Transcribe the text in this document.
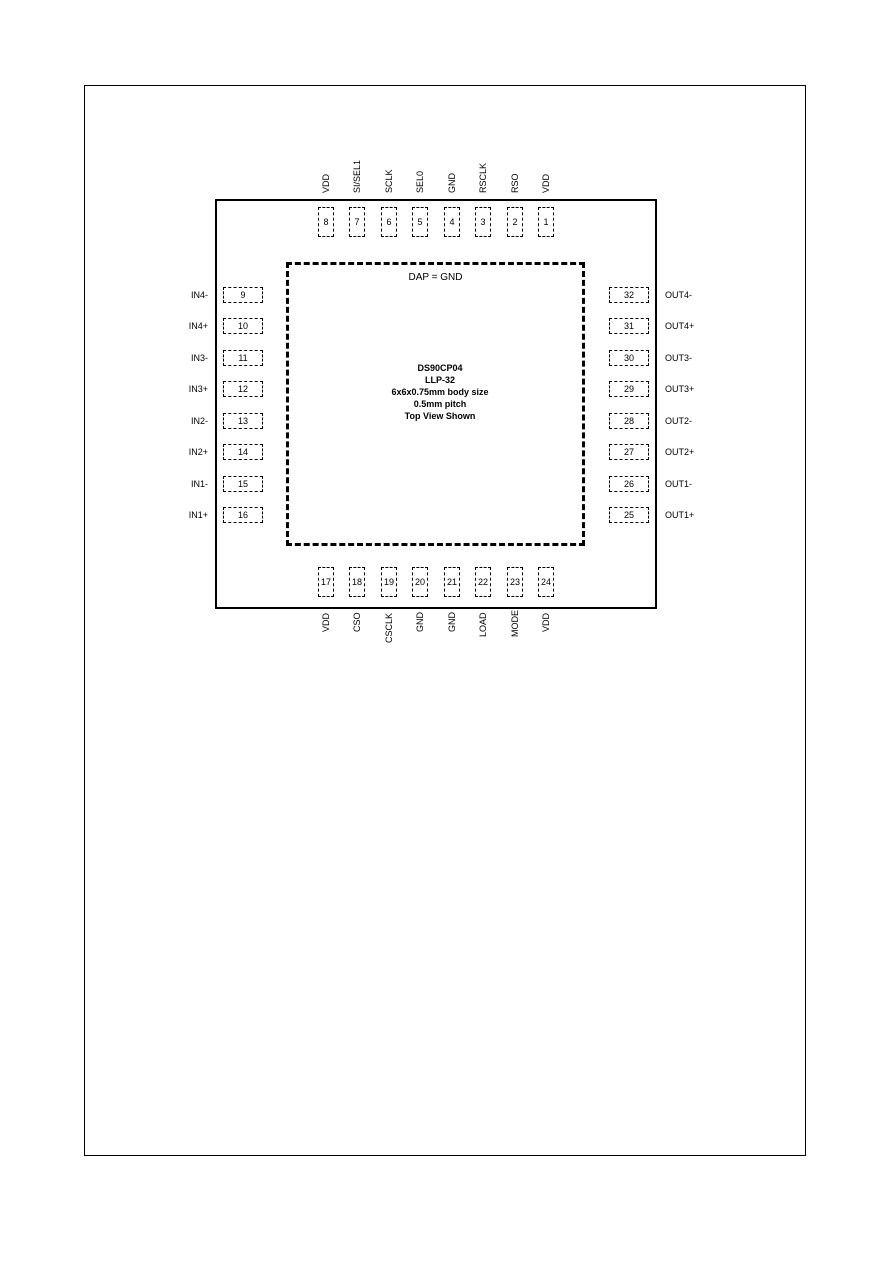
DAP = GND
DS90CP04
LLP-32
6x6x0.75mm body size
0.5mm pitch
Top View Shown
8
VDD
7
SI/SEL1
6
SCLK
5
SEL0
4
GND
3
RSCLK
2
RSO
1
VDD
17
VDD
18
CSO
19
CSCLK
20
GND
21
GND
22
LOAD
23
MODE
24
VDD
9
IN4-
10
IN4+
11
IN3-
12
IN3+
13
IN2-
14
IN2+
15
IN1-
16
IN1+
32	OUT4-
31	OUT4+
30	OUT3-
29	OUT3+
28	OUT2-
27	OUT2+
26	OUT1-
25	OUT1+
